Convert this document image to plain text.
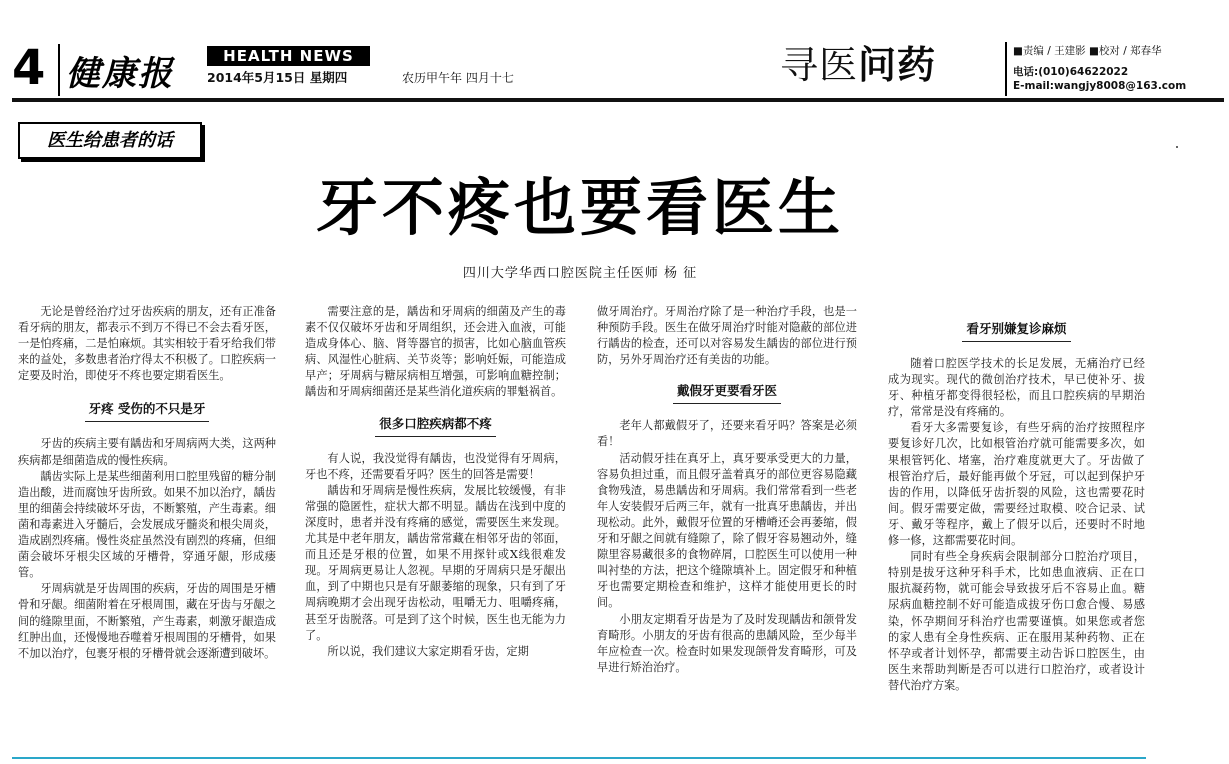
4 健康报	HEALTH NEWS
2014年5月15日 星期四	农历甲午年 四月十七	寻医问药	■责编 / 王建影 ■校对 / 郑春华
电话:(010)64622022
E-mail:wangjy8008@163.com
医生给患者的话
牙不疼也要看医生
四川大学华西口腔医院主任医师 杨 征

无论是曾经治疗过牙齿疾病的朋友，还有正准备看牙病的朋友，都表示不到万不得已不会去看牙医，一是怕疼痛，二是怕麻烦。其实相较于看牙给我们带来的益处，多数患者治疗得太不积极了。口腔疾病一定要及时治，即使牙不疼也要定期看医生。

牙疼 受伤的不只是牙

牙齿的疾病主要有龋齿和牙周病两大类，这两种疾病都是细菌造成的慢性疾病。

龋齿实际上是某些细菌利用口腔里残留的糖分制造出酸，进而腐蚀牙齿所致。如果不加以治疗，龋齿里的细菌会持续破坏牙齿，不断繁殖，产生毒素。细菌和毒素进入牙髓后，会发展成牙髓炎和根尖周炎，造成剧烈疼痛。慢性炎症虽然没有剧烈的疼痛，但细菌会破坏牙根尖区域的牙槽骨，穿通牙龈，形成瘘管。

牙周病就是牙齿周围的疾病，牙齿的周围是牙槽骨和牙龈。细菌附着在牙根周围，藏在牙齿与牙龈之间的缝隙里面，不断繁殖，产生毒素，刺激牙龈造成红肿出血，还慢慢地吞噬着牙根周围的牙槽骨，如果不加以治疗，包裹牙根的牙槽骨就会逐渐遭到破坏。

需要注意的是，龋齿和牙周病的细菌及产生的毒素不仅仅破坏牙齿和牙周组织，还会进入血液，可能造成身体心、脑、肾等器官的损害，比如心脑血管疾病、风湿性心脏病、关节炎等；影响妊娠，可能造成早产；牙周病与糖尿病相互增强，可影响血糖控制；龋齿和牙周病细菌还是某些消化道疾病的罪魁祸首。

很多口腔疾病都不疼

有人说，我没觉得有龋齿，也没觉得有牙周病，牙也不疼，还需要看牙吗？医生的回答是需要！

龋齿和牙周病是慢性疾病，发展比较缓慢，有非常强的隐匿性，症状大都不明显。龋齿在浅到中度的深度时，患者并没有疼痛的感觉，需要医生来发现。尤其是中老年朋友，龋齿常常藏在相邻牙齿的邻面，而且还是牙根的位置，如果不用探针或X线很难发现。牙周病更易让人忽视。早期的牙周病只是牙龈出血，到了中期也只是有牙龈萎缩的现象，只有到了牙周病晚期才会出现牙齿松动，咀嚼无力、咀嚼疼痛，甚至牙齿脱落。可是到了这个时候，医生也无能为力了。

所以说，我们建议大家定期看牙齿，定期

做牙周治疗。牙周治疗除了是一种治疗手段，也是一种预防手段。医生在做牙周治疗时能对隐蔽的部位进行龋齿的检查，还可以对容易发生龋齿的部位进行预防，另外牙周治疗还有美齿的功能。

戴假牙更要看牙医

老年人都戴假牙了，还要来看牙吗？答案是必须看！

活动假牙挂在真牙上，真牙要承受更大的力量，容易负担过重，而且假牙盖着真牙的部位更容易隐藏食物残渣，易患龋齿和牙周病。我们常常看到一些老年人安装假牙后两三年，就有一批真牙患龋齿，并出现松动。此外，戴假牙位置的牙槽嵴还会再萎缩，假牙和牙龈之间就有缝隙了，除了假牙容易翘动外，缝隙里容易藏很多的食物碎屑，口腔医生可以使用一种叫衬垫的方法，把这个缝隙填补上。固定假牙和种植牙也需要定期检查和维护，这样才能使用更长的时间。

小朋友定期看牙齿是为了及时发现龋齿和颌骨发育畸形。小朋友的牙齿有很高的患龋风险，至少每半年应检查一次。检查时如果发现颌骨发育畸形，可及早进行矫治治疗。

看牙别嫌复诊麻烦

随着口腔医学技术的长足发展，无痛治疗已经成为现实。现代的微创治疗技术，早已使补牙、拔牙、种植牙都变得很轻松，而且口腔疾病的早期治疗，常常是没有疼痛的。

看牙大多需要复诊，有些牙病的治疗按照程序要复诊好几次，比如根管治疗就可能需要多次，如果根管钙化、堵塞，治疗难度就更大了。牙齿做了根管治疗后，最好能再做个牙冠，可以起到保护牙齿的作用，以降低牙齿折裂的风险，这也需要花时间。假牙需要定做，需要经过取模、咬合记录、试牙、戴牙等程序，戴上了假牙以后，还要时不时地修一修，这都需要花时间。

同时有些全身疾病会限制部分口腔治疗项目，特别是拔牙这种牙科手术，比如患血液病、正在口服抗凝药物，就可能会导致拔牙后不容易止血。糖尿病血糖控制不好可能造成拔牙伤口愈合慢、易感染，怀孕期间牙科治疗也需要谨慎。如果您或者您的家人患有全身性疾病、正在服用某种药物、正在怀孕或者计划怀孕，都需要主动告诉口腔医生，由医生来帮助判断是否可以进行口腔治疗，或者设计替代治疗方案。
